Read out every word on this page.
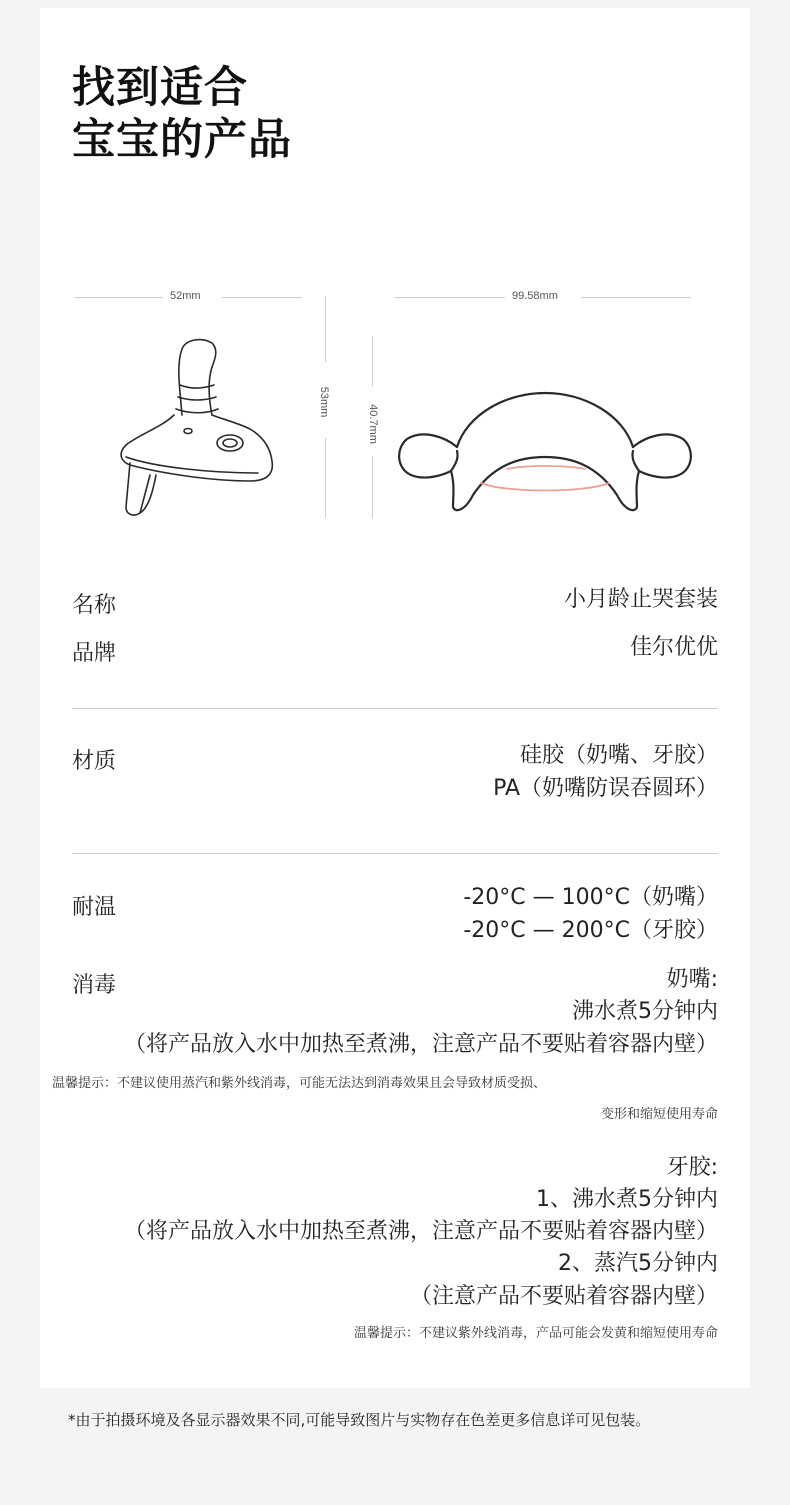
找到适合
宝宝的产品
52mm
53mm
99.58mm
40.7mm
名称	小月龄止哭套装
品牌	佳尔优优
材质	硅胶（奶嘴、牙胶）
PA（奶嘴防误吞圆环）
耐温	-20°C — 100°C（奶嘴）
-20°C — 200°C（牙胶）
消毒	奶嘴:
沸水煮5分钟内
（将产品放入水中加热至煮沸，注意产品不要贴着容器内壁）
温馨提示：不建议使用蒸汽和紫外线消毒，可能无法达到消毒效果且会导致材质受损、
变形和缩短使用寿命
牙胶:
1、沸水煮5分钟内
（将产品放入水中加热至煮沸，注意产品不要贴着容器内壁）
2、蒸汽5分钟内
（注意产品不要贴着容器内壁）
温馨提示：不建议紫外线消毒，产品可能会发黄和缩短使用寿命
*由于拍摄环境及各显示器效果不同,可能导致图片与实物存在色差更多信息详可见包装。
